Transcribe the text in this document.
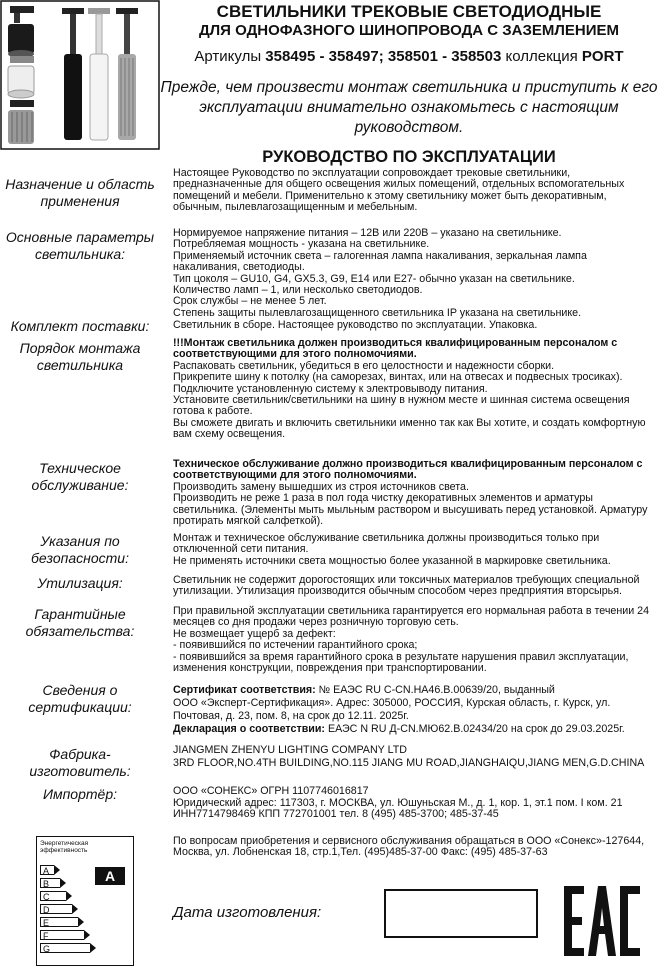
СВЕТИЛЬНИКИ ТРЕКОВЫЕ СВЕТОДИОДНЫЕ
ДЛЯ ОДНОФАЗНОГО ШИНОПРОВОДА С ЗАЗЕМЛЕНИЕМ
Артикулы 358495 - 358497; 358501 - 358503 коллекция PORT
Прежде, чем произвести монтаж светильника и приступить к его эксплуатации внимательно ознакомьтесь с настоящим руководством.
РУКОВОДСТВО ПО ЭКСПЛУАТАЦИИ
Назначение и область применения
Настоящее Руководство по эксплуатации сопровождает трековые светильники, предназначенные для общего освещения жилых помещений, отдельных вспомогательных помещений и мебели. Применительно к этому светильнику может быть декоративным, обычным, пылевлагозащищенным и мебельным.
Основные параметры светильника:
Нормируемое напряжение питания – 12В или 220В – указано на светильнике.
Потребляемая мощность - указана на светильнике.
Применяемый источник света – галогенная лампа накаливания, зеркальная лампа накаливания, светодиоды.
Тип цоколя – GU10, G4, GX5.3, G9, E14 или E27- обычно указан на светильнике.
Количество ламп – 1, или несколько светодиодов.
Срок службы – не менее 5 лет.
Степень защиты пылевлагозащищенного светильника IP указана на светильнике.
Комплект поставки:	Светильник в сборе. Настоящее руководство по эксплуатации. Упаковка.
Порядок монтажа светильника
!!!Монтаж светильника должен производиться квалифицированным персоналом с соответствующими для этого полномочиями.
Распаковать светильник, убедиться в его целостности и надежности сборки.
Прикрепите шину к потолку (на саморезах, винтах, или на отвесах и подвесных тросиках).
Подключите установленную систему к электровыводу питания.
Установите светильник/светильники на шину в нужном месте и шинная система освещения готова к работе.
Вы сможете двигать и включить светильники именно так как Вы хотите, и создать комфортную вам схему освещения.
Техническое обслуживание:
Техническое обслуживание должно производиться квалифицированным персоналом с соответствующими для этого полномочиями.
Производить замену вышедших из строя источников света.
Производить не реже 1 раза в пол года чистку декоративных элементов и арматуры светильника. (Элементы мыть мыльным раствором и высушивать перед установкой. Арматуру протирать мягкой салфеткой).
Указания по безопасности:
Монтаж и техническое обслуживание светильника должны производиться только при отключенной сети питания.
Не применять источники света мощностью более указанной в маркировке светильника.
Утилизация:	Светильник не содержит дорогостоящих или токсичных материалов требующих специальной утилизации. Утилизация производится обычным способом через предприятия вторсырья.
Гарантийные обязательства:
При правильной эксплуатации светильника гарантируется его нормальная работа в течении 24 месяцев со дня продажи через розничную торговую сеть.
Не возмещает ущерб за дефект:
- появившийся по истечении гарантийного срока;
- появившийся за время гарантийного срока в результате нарушения правил эксплуатации, изменения конструкции, повреждения при транспортировании.
Сведения о сертификации:
Сертификат соответствия: № ЕАЭС RU C-CN.НА46.В.00639/20, выданный
ООО «Эксперт-Сертификация». Адрес: 305000, РОССИЯ, Курская область, г. Курск, ул. Почтовая, д. 23, пом. 8, на срок до 12.11. 2025г.
Декларация о соответствии: ЕАЭС N RU Д-CN.МЮ62.В.02434/20 на срок до 29.03.2025г.
Фабрика-изготовитель:
JIANGMEN ZHENYU LIGHTING COMPANY LTD
3RD FLOOR,NO.4TH BUILDING,NO.115 JIANG MU ROAD,JIANGHAIQU,JIANG MEN,G.D.CHINA
Импортёр:	ООО «СОНЕКС» ОГРН 1107746016817
Юридический адрес: 117303, г. МОСКВА, ул. Юшуньская М., д. 1, кор. 1, эт.1 пом. I ком. 21
ИНН7714798469 КПП 772701001 тел. 8 (495) 485-3700; 485-37-45
По вопросам приобретения и сервисного обслуживания обращаться в ООО «Сонекс»-127644, Москва, ул. Лобненская 18, стр.1,Тел. (495)485-37-00 Факс: (495) 485-37-63
Энергетическая эффективность
A
B
C
D
E
F
G
A
Дата изготовления:
